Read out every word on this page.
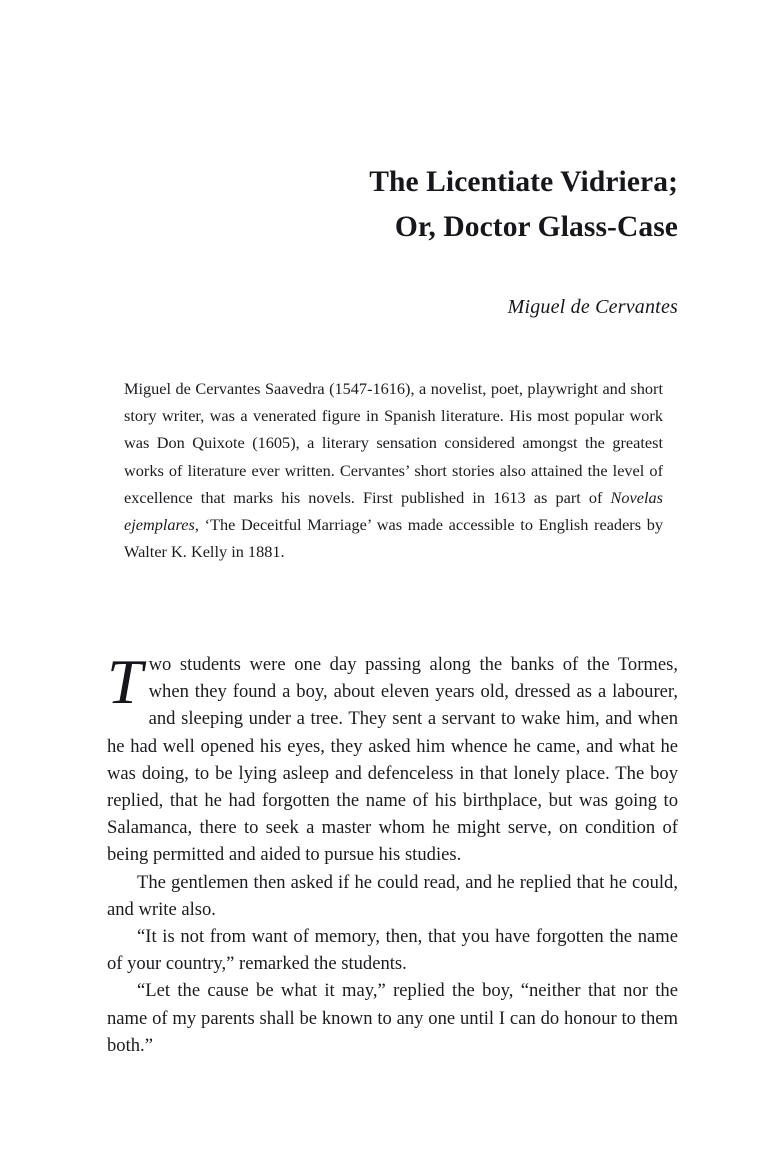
The Licentiate Vidriera;
Or, Doctor Glass-Case
Miguel de Cervantes

Miguel de Cervantes Saavedra (1547-1616), a novelist, poet, playwright and short story writer, was a venerated figure in Spanish literature. His most popular work was Don Quixote (1605), a literary sensation considered amongst the greatest works of literature ever written. Cervantes’ short stories also attained the level of excellence that marks his novels. First published in 1613 as part of Novelas ejemplares, ‘The Deceitful Marriage’ was made accessible to English readers by Walter K. Kelly in 1881.

Two students were one day passing along the banks of the Tormes, when they found a boy, about eleven years old, dressed as a labourer, and sleeping under a tree. They sent a servant to wake him, and when he had well opened his eyes, they asked him whence he came, and what he was doing, to be lying asleep and defenceless in that lonely place. The boy replied, that he had forgotten the name of his birthplace, but was going to Salamanca, there to seek a master whom he might serve, on condition of being permitted and aided to pursue his studies.

The gentlemen then asked if he could read, and he replied that he could, and write also.

“It is not from want of memory, then, that you have forgotten the name of your country,” remarked the students.

“Let the cause be what it may,” replied the boy, “neither that nor the name of my parents shall be known to any one until I can do honour to them both.”
